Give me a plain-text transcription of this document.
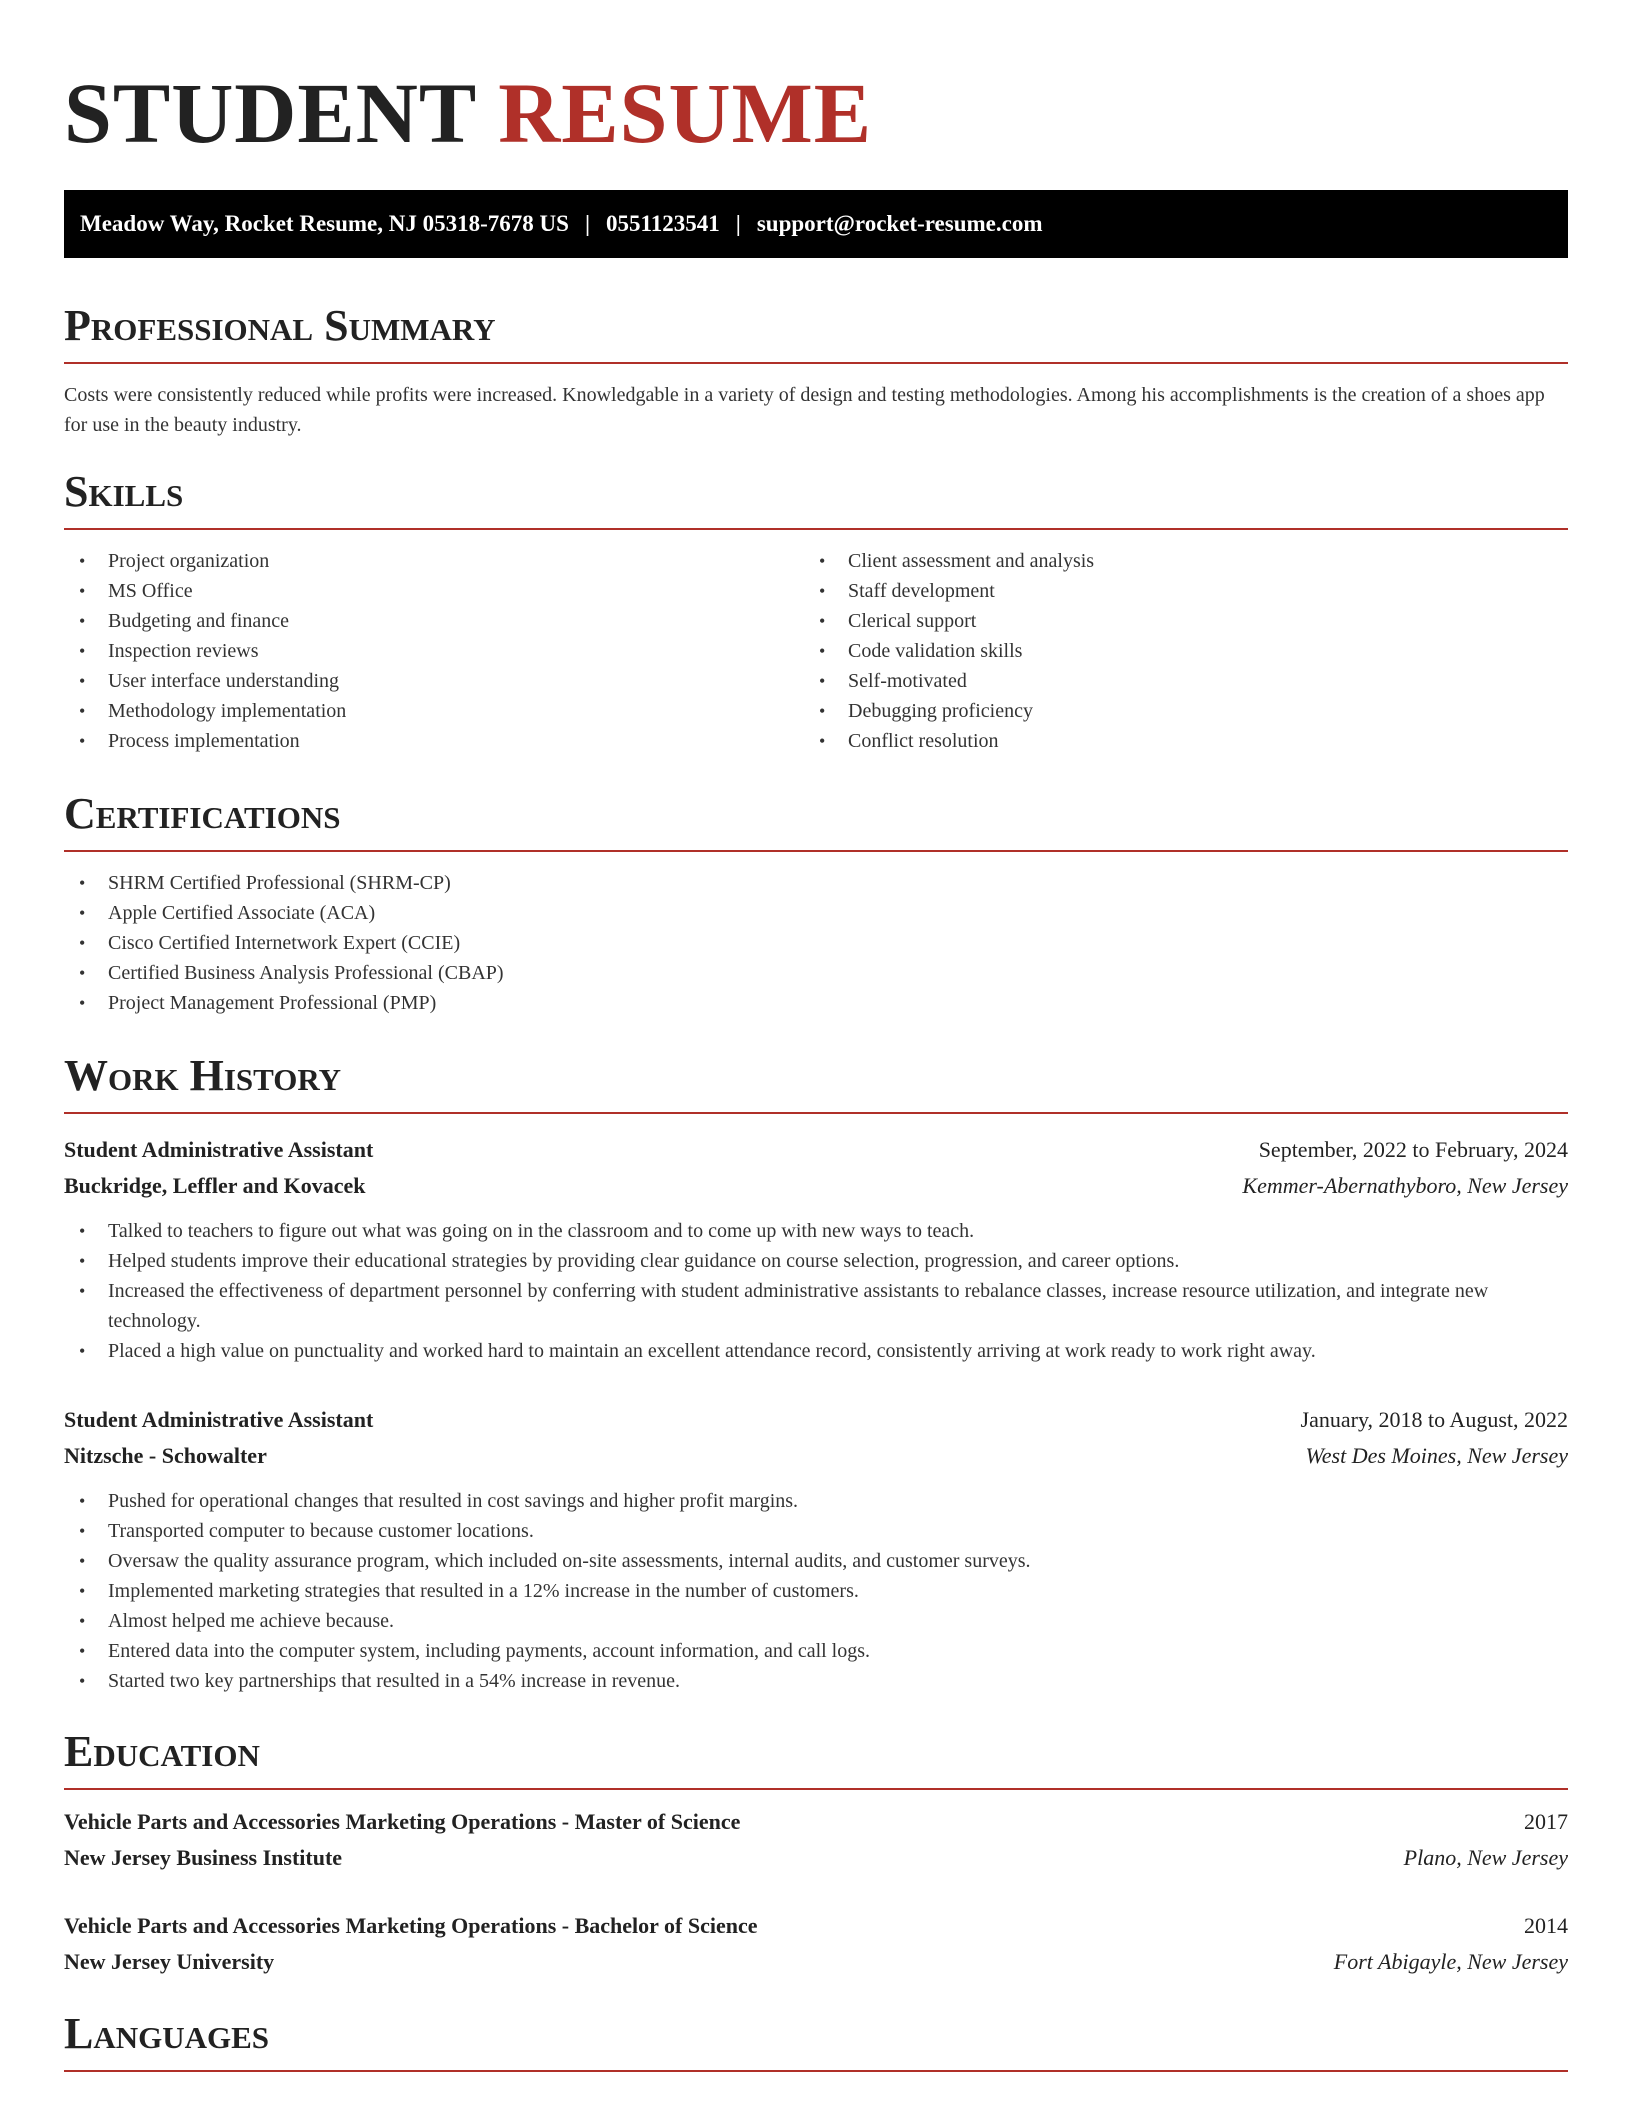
STUDENT RESUME
Meadow Way, Rocket Resume, NJ 05318-7678 US | 0551123541 | support@rocket-resume.com
Professional Summary

Costs were consistently reduced while profits were increased. Knowledgable in a variety of design and testing methodologies. Among his accomplishments is the creation of a shoes app for use in the beauty industry.

Skills
• Project organization
• MS Office
• Budgeting and finance
• Inspection reviews
• User interface understanding
• Methodology implementation
• Process implementation
• Client assessment and analysis
• Staff development
• Clerical support
• Code validation skills
• Self-motivated
• Debugging proficiency
• Conflict resolution
Certifications
• SHRM Certified Professional (SHRM-CP)
• Apple Certified Associate (ACA)
• Cisco Certified Internetwork Expert (CCIE)
• Certified Business Analysis Professional (CBAP)
• Project Management Professional (PMP)
Work History
Student Administrative Assistant	September, 2022 to February, 2024
Buckridge, Leffler and Kovacek	Kemmer-Abernathyboro, New Jersey
• Talked to teachers to figure out what was going on in the classroom and to come up with new ways to teach.
• Helped students improve their educational strategies by providing clear guidance on course selection, progression, and career options.
• Increased the effectiveness of department personnel by conferring with student administrative assistants to rebalance classes, increase resource utilization, and integrate new technology.
• Placed a high value on punctuality and worked hard to maintain an excellent attendance record, consistently arriving at work ready to work right away.
Student Administrative Assistant	January, 2018 to August, 2022
Nitzsche - Schowalter	West Des Moines, New Jersey
• Pushed for operational changes that resulted in cost savings and higher profit margins.
• Transported computer to because customer locations.
• Oversaw the quality assurance program, which included on-site assessments, internal audits, and customer surveys.
• Implemented marketing strategies that resulted in a 12% increase in the number of customers.
• Almost helped me achieve because.
• Entered data into the computer system, including payments, account information, and call logs.
• Started two key partnerships that resulted in a 54% increase in revenue.
Education
Vehicle Parts and Accessories Marketing Operations - Master of Science	2017
New Jersey Business Institute	Plano, New Jersey
Vehicle Parts and Accessories Marketing Operations - Bachelor of Science	2014
New Jersey University	Fort Abigayle, New Jersey
Languages
